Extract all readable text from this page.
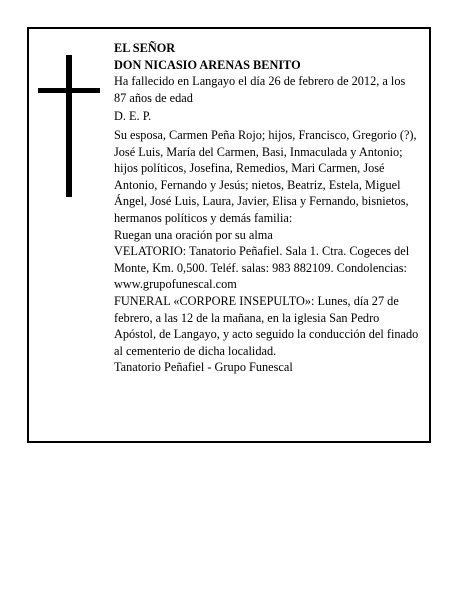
EL SEÑOR

DON NICASIO ARENAS BENITO

Ha fallecido en Langayo el día 26 de febrero de 2012, a los 87 años de edad

D. E. P.

Su esposa, Carmen Peña Rojo; hijos, Francisco, Gregorio (?), José Luis, María del Carmen, Basi, Inmaculada y Antonio; hijos políticos, Josefina, Remedios, Mari Carmen, José Antonio, Fernando y Jesús; nietos, Beatriz, Estela, Miguel Ángel, José Luis, Laura, Javier, Elisa y Fernando, bisnietos, hermanos políticos y demás familia:

Ruegan una oración por su alma

VELATORIO: Tanatorio Peñafiel. Sala 1. Ctra. Cogeces del Monte, Km. 0,500. Teléf. salas: 983 882109. Condolencias: www.grupofunescal.com

FUNERAL «CORPORE INSEPULTO»: Lunes, día 27 de febrero, a las 12 de la mañana, en la iglesia San Pedro Apóstol, de Langayo, y acto seguido la conducción del finado al cementerio de dicha localidad.

Tanatorio Peñafiel - Grupo Funescal
